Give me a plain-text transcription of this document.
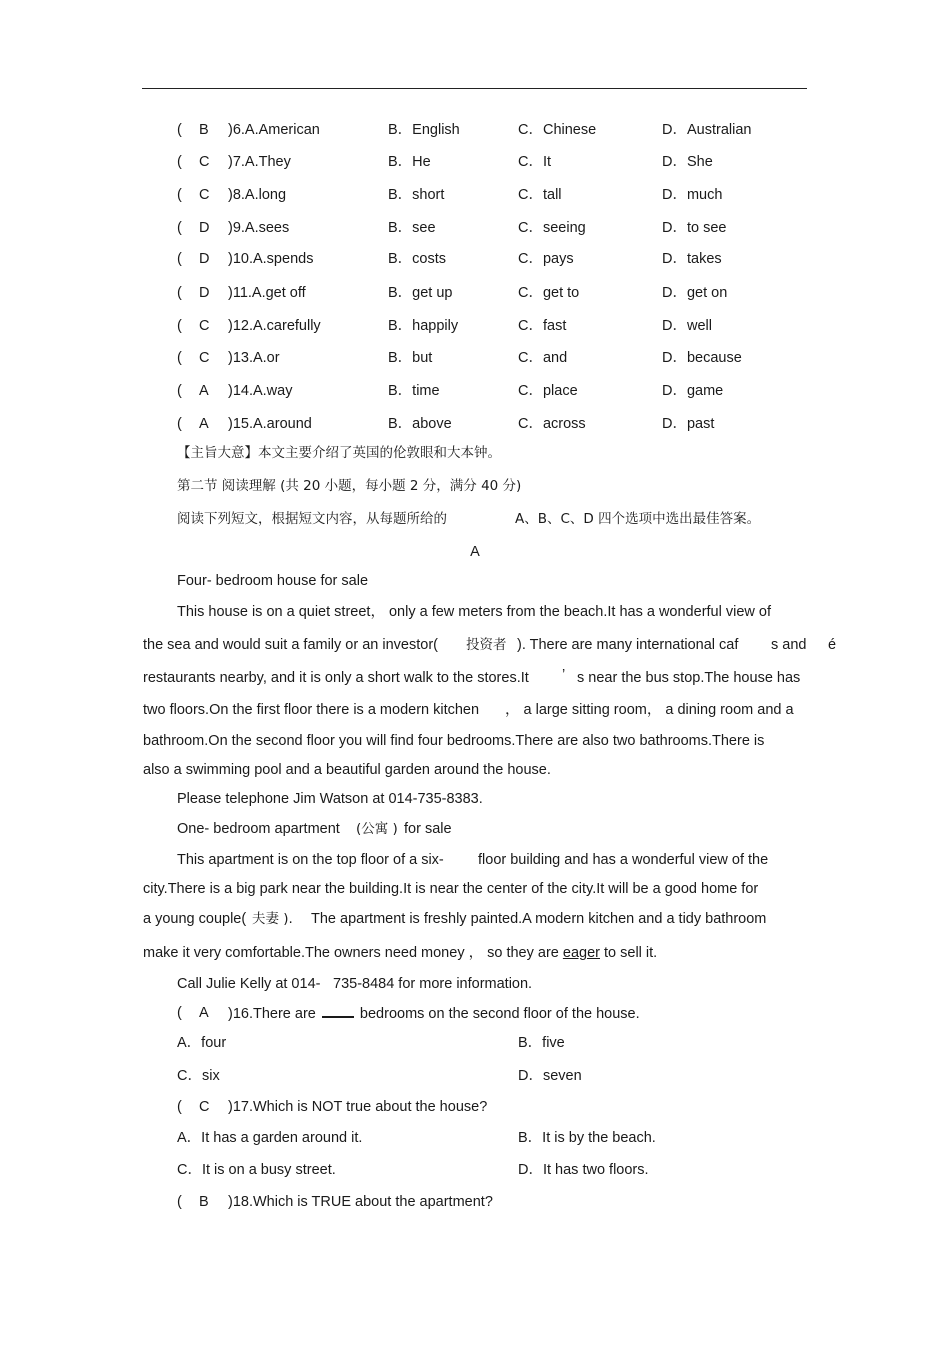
( B )6.A.American	B．English	C．Chinese	D．Australian
( C )7.A.They	B．He	C．It	D．She
( C )8.A.long	B．short	C．tall	D．much
( D )9.A.sees	B．see	C．seeing	D．to see
( D )10.A.spends	B．costs	C．pays	D．takes
( D )11.A.get off	B．get up	C．get to	D．get on
( C )12.A.carefully	B．happily	C．fast	D．well
( C )13.A.or	B．but	C．and	D．because
( A )14.A.way	B．time	C．place	D．game
( A )15.A.around	B．above	C．across	D．past
【主旨大意】本文主要介绍了英国的伦敦眼和大本钟。
第二节 阅读理解 (共 20 小题，每小题 2 分，满分 40 分)
阅读下列短文，根据短文内容，从每题所给的	A、B、C、D 四个选项中选出最佳答案。
A
Four- bedroom house for sale
This house is on a quiet street， only a few meters from the beach.It has a wonderful view of
the sea and would suit a family or an investor( 投资者 ). There are many international caf s and é
restaurants nearby, and it is only a short walk to the stores.It ’ s near the bus stop.The house has
two floors.On the first floor there is a modern kitchen ， a large sitting room， a dining room and a
bathroom.On the second floor you will find four bedrooms.There are also two bathrooms.There is
also a swimming pool and a beautiful garden around the house.
Please telephone Jim Watson at 014-735-8383.
One- bedroom apartment (公寓 ) for sale
This apartment is on the top floor of a six- floor building and has a wonderful view of the
city.There is a big park near the building.It is near the center of the city.It will be a good home for
a young couple( 夫妻 ). The apartment is freshly painted.A modern kitchen and a tidy bathroom
make it very comfortable.The owners need money ， so they are eager to sell it.
Call Julie Kelly at 014- 735-8484 for more information.
( A )16.There are	bedrooms on the second floor of the house.
A．four	B．five
C．six	D．seven
( C )17.Which is NOT true about the house?
A．It has a garden around it.	B．It is by the beach.
C．It is on a busy street.	D．It has two floors.
( B )18.Which is TRUE about the apartment?
